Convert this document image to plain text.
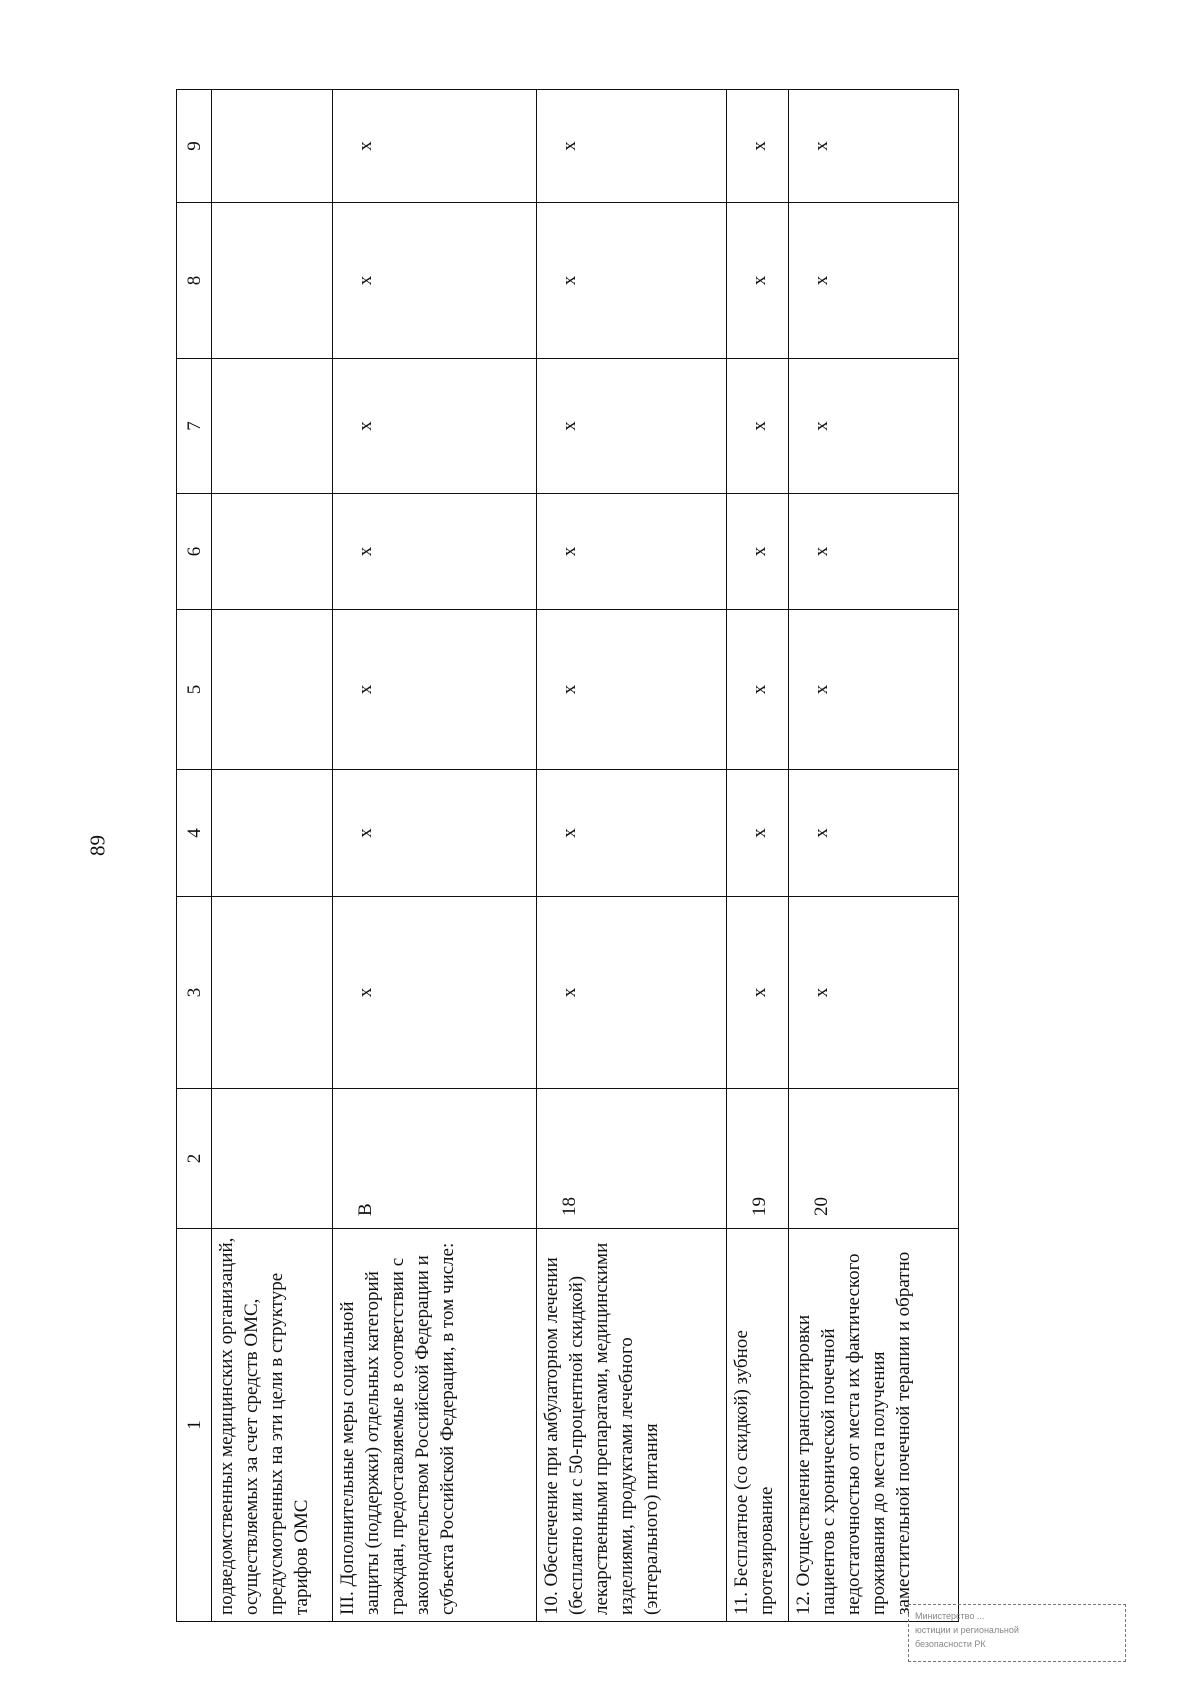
89
1	2	3	4	5	6	7	8	9
подведомственных медицинских организаций, осуществляемых за счет средств ОМС, предусмотренных на эти цели в структуре тарифов ОМС								
III. Дополнительные меры социальной защиты (поддержки) отдельных категорий граждан, предоставляемые в соответствии с законодательством Российской Федерации и субъекта Российской Федерации, в том числе:	В	x	x	x	x	x	x	x
10. Обеспечение при амбулаторном лечении (бесплатно или с 50-процентной скидкой) лекарственными препаратами, медицинскими изделиями, продуктами лечебного (энтерального) питания	18	x	x	x	x	x	x	x
11. Бесплатное (со скидкой) зубное протезирование	19	x	x	x	x	x	x	x
12. Осуществление транспортировки пациентов с хронической почечной недостаточностью от места их фактического проживания до места получения заместительной почечной терапии и обратно	20	x	x	x	x	x	x	x
Министерство ...
юстиции и региональной
безопасности РК
